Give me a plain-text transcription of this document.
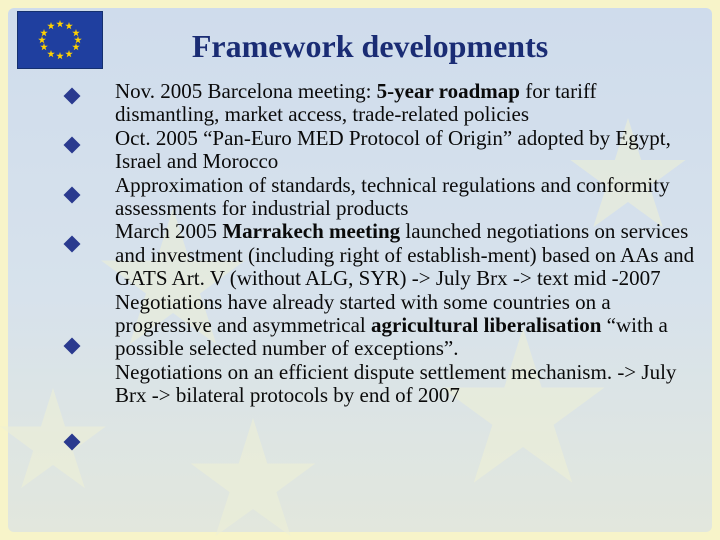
Framework developments

Nov. 2005 Barcelona meeting: 5-year roadmap for tariff dismantling, market access, trade-related policies

Oct. 2005 “Pan-Euro MED Protocol of Origin” adopted by Egypt, Israel and Morocco

Approximation of standards, technical regulations and conformity assessments for industrial products

March 2005 Marrakech meeting launched negotiations on services and investment (including right of establish-ment) based on AAs and GATS Art. V (without ALG, SYR) -> July Brx -> text mid -2007

Negotiations have already started with some countries on a progressive and asymmetrical agricultural liberalisation “with a possible selected number of exceptions”.

Negotiations on an efficient dispute settlement mechanism. -> July Brx -> bilateral protocols by end of 2007
